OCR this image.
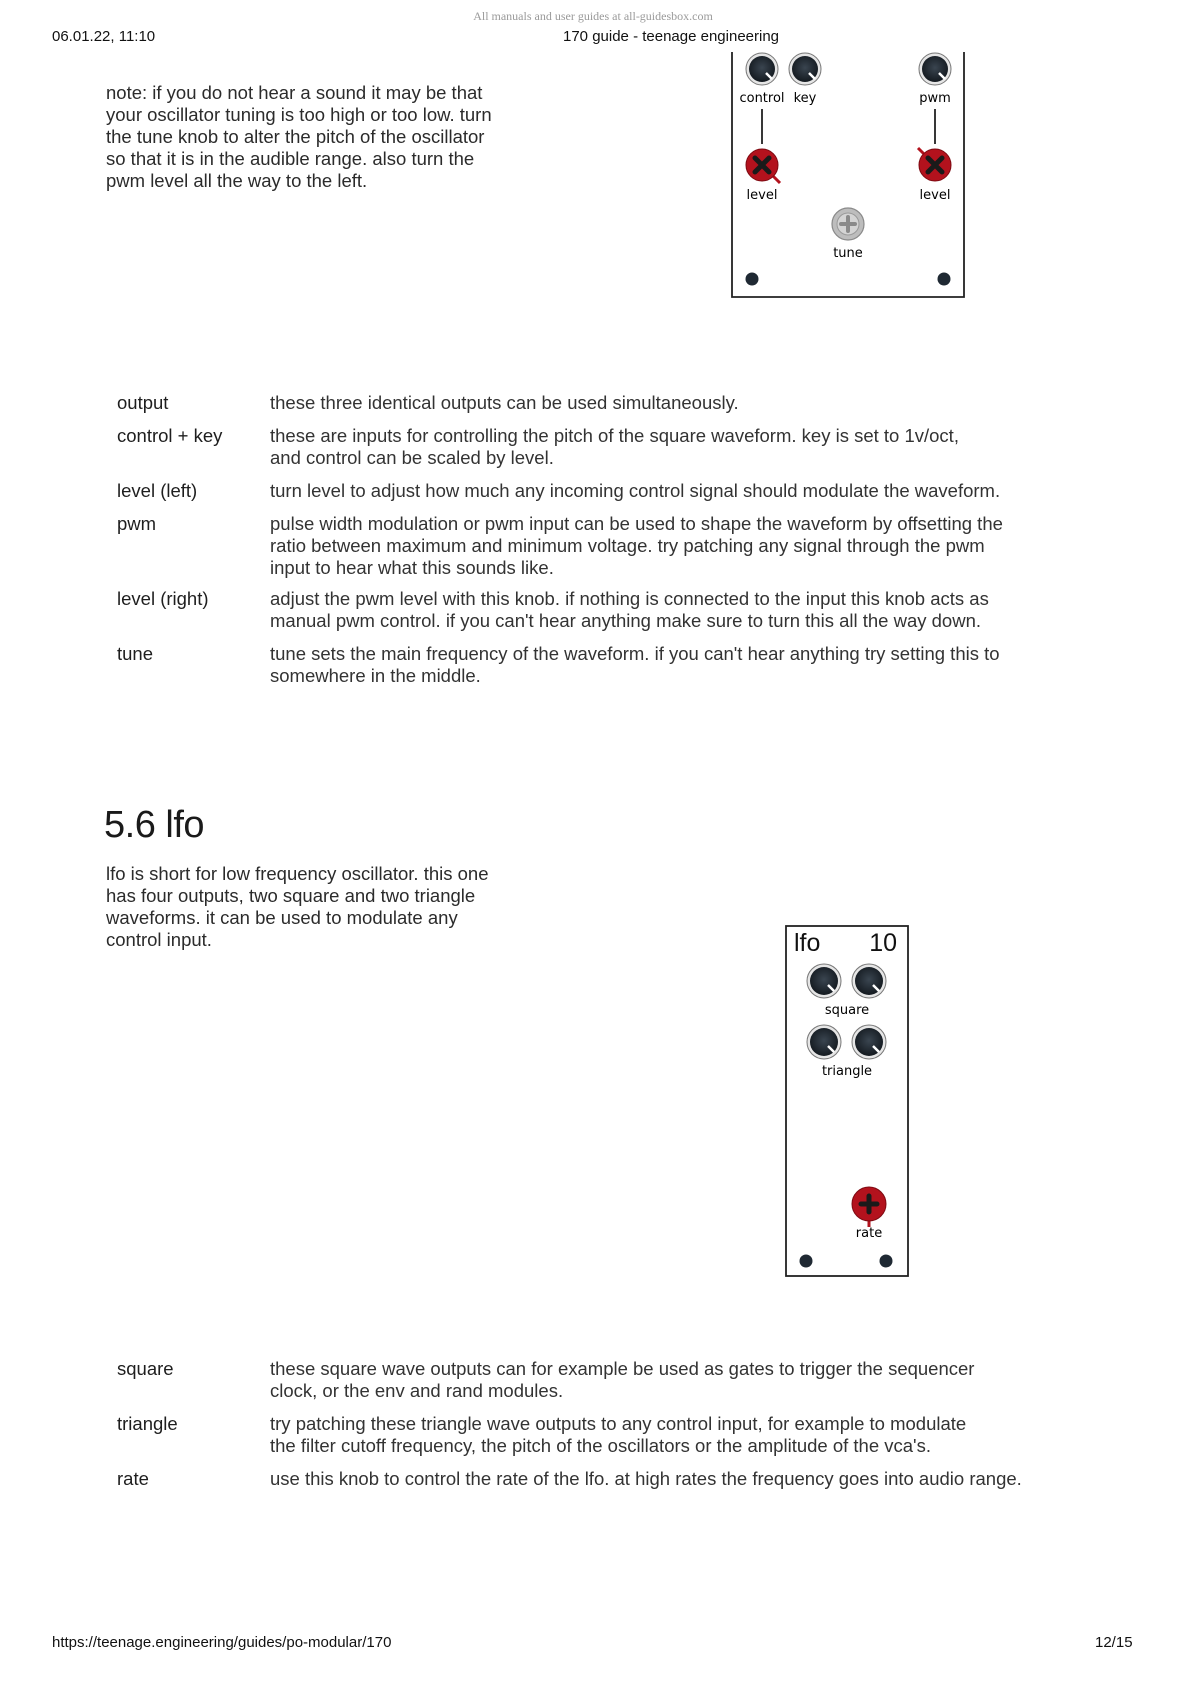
All manuals and user guides at all-guidesbox.com
06.01.22, 11:10	170 guide - teenage engineering
https://teenage.engineering/guides/po-modular/170	12/15
note: if you do not hear a sound it may be that
your oscillator tuning is too high or too low. turn
the tune knob to alter the pitch of the oscillator
so that it is in the audible range. also turn the
pwm level all the way to the left.
control key	pwm
level	level
tune
output	these three identical outputs can be used simultaneously.
control + key	these are inputs for controlling the pitch of the square waveform. key is set to 1v/oct,
and control can be scaled by level.
level (left)	turn level to adjust how much any incoming control signal should modulate the waveform.
pwm	pulse width modulation or pwm input can be used to shape the waveform by offsetting the
ratio between maximum and minimum voltage. try patching any signal through the pwm
input to hear what this sounds like.
level (right)	adjust the pwm level with this knob. if nothing is connected to the input this knob acts as
manual pwm control. if you can't hear anything make sure to turn this all the way down.
tune	tune sets the main frequency of the waveform. if you can't hear anything try setting this to
somewhere in the middle.
5.6 lfo
lfo is short for low frequency oscillator. this one
has four outputs, two square and two triangle
waveforms. it can be used to modulate any
control input.	lfo 10
square
triangle
rate
square	these square wave outputs can for example be used as gates to trigger the sequencer
clock, or the env and rand modules.
triangle	try patching these triangle wave outputs to any control input, for example to modulate
the filter cutoff frequency, the pitch of the oscillators or the amplitude of the vca's.
rate	use this knob to control the rate of the lfo. at high rates the frequency goes into audio range.
